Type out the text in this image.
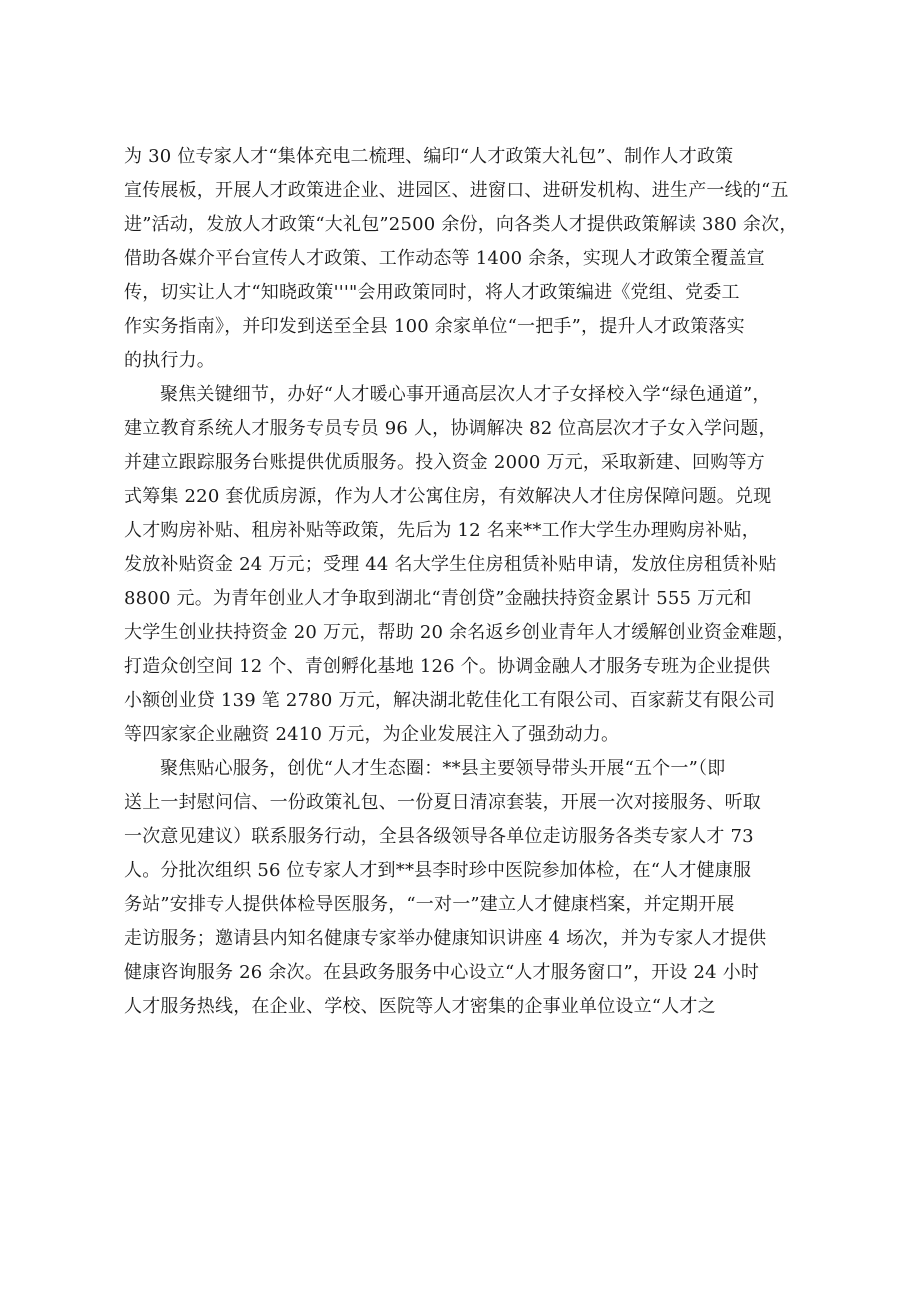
为 30 位专家人才“集体充电二梳理、编印“人才政策大礼包”、制作人才政策
宣传展板，开展人才政策进企业、进园区、进窗口、进研发机构、进生产一线的“五
进”活动，发放人才政策“大礼包”2500 余份，向各类人才提供政策解读 380 余次，
借助各媒介平台宣传人才政策、工作动态等 1400 余条，实现人才政策全覆盖宣
传，切实让人才“知晓政策'''"会用政策同时，将人才政策编进《党组、党委工
作实务指南》，并印发到送至全县 100 余家单位“一把手”，提升人才政策落实
的执行力。
聚焦关键细节，办好“人才暖心事开通高层次人才子女择校入学“绿色通道”，
建立教育系统人才服务专员专员 96 人，协调解决 82 位高层次才子女入学问题，
并建立跟踪服务台账提供优质服务。投入资金 2000 万元，采取新建、回购等方
式筹集 220 套优质房源，作为人才公寓住房，有效解决人才住房保障问题。兑现
人才购房补贴、租房补贴等政策，先后为 12 名来**工作大学生办理购房补贴，
发放补贴资金 24 万元；受理 44 名大学生住房租赁补贴申请，发放住房租赁补贴
8800 元。为青年创业人才争取到湖北“青创贷”金融扶持资金累计 555 万元和
大学生创业扶持资金 20 万元，帮助 20 余名返乡创业青年人才缓解创业资金难题，
打造众创空间 12 个、青创孵化基地 126 个。协调金融人才服务专班为企业提供
小额创业贷 139 笔 2780 万元，解决湖北乾佳化工有限公司、百家薪艾有限公司
等四家家企业融资 2410 万元，为企业发展注入了强劲动力。
聚焦贴心服务，创优“人才生态圈：**县主要领导带头开展“五个一”（即
送上一封慰问信、一份政策礼包、一份夏日清凉套装，开展一次对接服务、听取
一次意见建议）联系服务行动，全县各级领导各单位走访服务各类专家人才 73
人。分批次组织 56 位专家人才到**县李时珍中医院参加体检，在“人才健康服
务站”安排专人提供体检导医服务，“一对一”建立人才健康档案，并定期开展
走访服务；邀请县内知名健康专家举办健康知识讲座 4 场次，并为专家人才提供
健康咨询服务 26 余次。在县政务服务中心设立“人才服务窗口”，开设 24 小时
人才服务热线，在企业、学校、医院等人才密集的企事业单位设立“人才之
